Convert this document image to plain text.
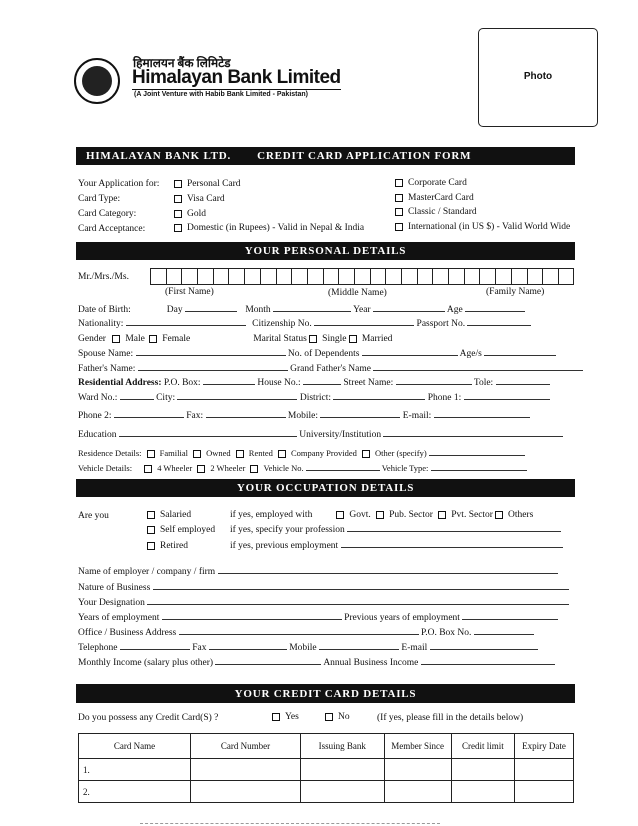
हिमालयन बैंक लिमिटेड
Himalayan Bank Limited
(A Joint Venture with Habib Bank Limited - Pakistan)
Photo
HIMALAYAN BANK LTD. CREDIT CARD APPLICATION FORM
Your Application for:	Personal Card	Corporate Card
Card Type:	Visa Card	MasterCard Card
Card Category:	Gold	Classic / Standard
Card Acceptance:	Domestic (in Rupees) - Valid in Nepal & India	International (in US $) - Valid World Wide
YOUR PERSONAL DETAILS
Mr./Mrs./Ms.
(First Name)	(Middle Name)	(Family Name)
Date of Birth:	Day	Month	Year	Age
Nationality:	Citizenship No.	Passport No.
Gender Male Female	Marital Status Single Married
Spouse Name:	No. of Dependents	Age/s
Father's Name:	Grand Father's Name
Residential Address: P.O. Box:	House No.:	Street Name:	Tole:
Ward No.:	City:	District:	Phone 1:
Phone 2:	Fax:	Mobile:	E-mail:
Education	University/Institution
Residence Details: Familial Owned Rented Company Provided Other (specify)
Vehicle Details:	4 Wheeler 2 Wheeler Vehicle No.	Vehicle Type:
YOUR OCCUPATION DETAILS
Are you	Salaried
Self employed
Retired
if yes, employed with	Govt. Pub. Sector Pvt. Sector Others
if yes, specify your profession
if yes, previous employment
Name of employer / company / firm
Nature of Business
Your Designation
Years of employment	Previous years of employment
Office / Business Address	P.O. Box No.
Telephone	Fax	Mobile	E-mail
Monthly Income (salary plus other)	Annual Business Income
YOUR CREDIT CARD DETAILS
Do you possess any Credit Card(S) ?	Yes	No	(If yes, please fill in the details below)
Card Name	Card Number	Issuing Bank	Member Since	Credit limit	Expiry Date
1.					
2.					
